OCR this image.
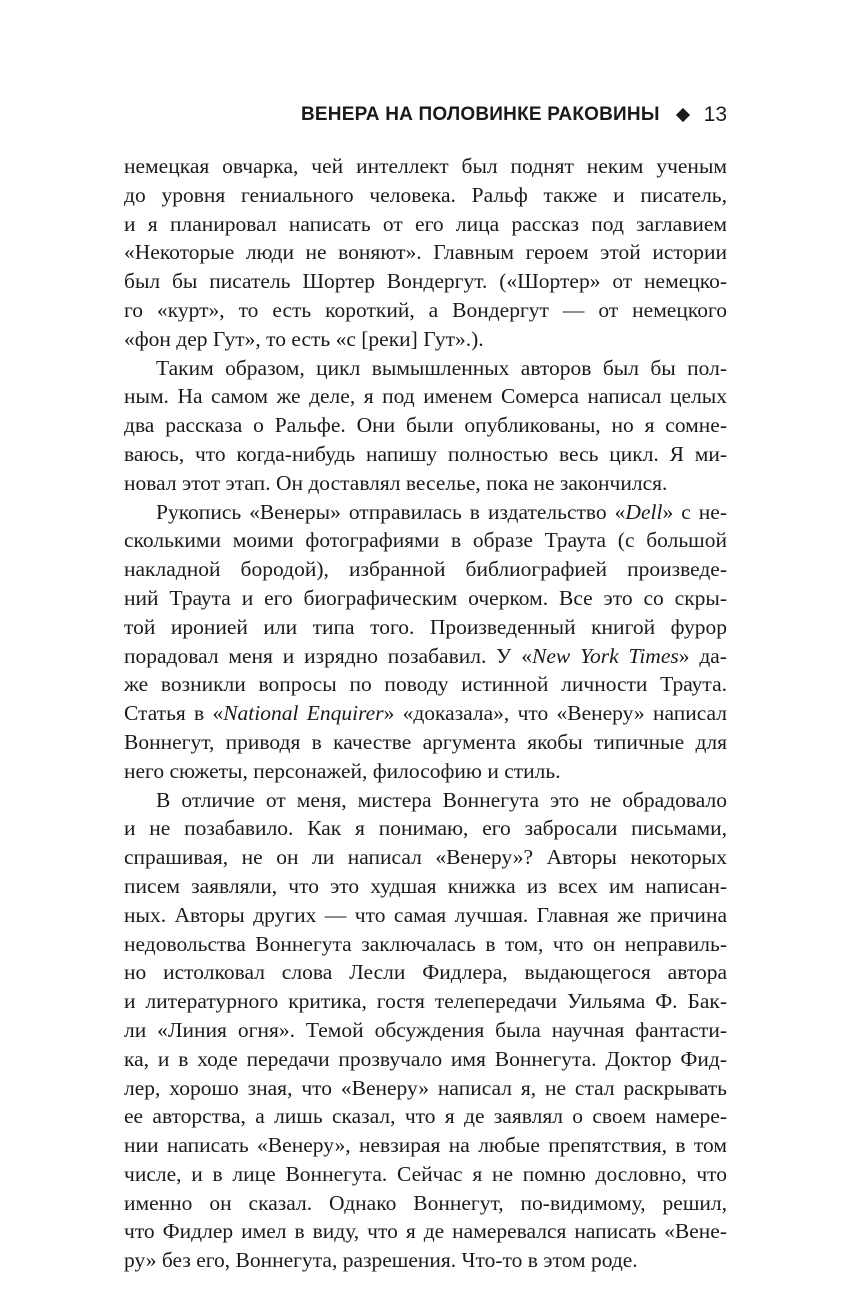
ВЕНЕРА НА ПОЛОВИНКЕ РАКОВИНЫ 13
немецкая овчарка, чей интеллект был поднят неким ученым
до уровня гениального человека. Ральф также и писатель,
и я планировал написать от его лица рассказ под заглавием
«Некоторые люди не воняют». Главным героем этой истории
был бы писатель Шортер Вондергут. («Шортер» от немецко-
го «курт», то есть короткий, а Вондергут — от немецкого
«фон дер Гут», то есть «с [реки] Гут».).
Таким образом, цикл вымышленных авторов был бы пол-
ным. На самом же деле, я под именем Сомерса написал целых
два рассказа о Ральфе. Они были опубликованы, но я сомне-
ваюсь, что когда-нибудь напишу полностью весь цикл. Я ми-
новал этот этап. Он доставлял веселье, пока не закончился.
Рукопись «Венеры» отправилась в издательство «Dell» с не-
сколькими моими фотографиями в образе Траута (с большой
накладной бородой), избранной библиографией произведе-
ний Траута и его биографическим очерком. Все это со скры-
той иронией или типа того. Произведенный книгой фурор
порадовал меня и изрядно позабавил. У «New York Times» да-
же возникли вопросы по поводу истинной личности Траута.
Статья в «National Enquirer» «доказала», что «Венеру» написал
Воннегут, приводя в качестве аргумента якобы типичные для
него сюжеты, персонажей, философию и стиль.
В отличие от меня, мистера Воннегута это не обрадовало
и не позабавило. Как я понимаю, его забросали письмами,
спрашивая, не он ли написал «Венеру»? Авторы некоторых
писем заявляли, что это худшая книжка из всех им написан-
ных. Авторы других — что самая лучшая. Главная же причина
недовольства Воннегута заключалась в том, что он неправиль-
но истолковал слова Лесли Фидлера, выдающегося автора
и литературного критика, гостя телепередачи Уильяма Ф. Бак-
ли «Линия огня». Темой обсуждения была научная фантасти-
ка, и в ходе передачи прозвучало имя Воннегута. Доктор Фид-
лер, хорошо зная, что «Венеру» написал я, не стал раскрывать
ее авторства, а лишь сказал, что я де заявлял о своем намере-
нии написать «Венеру», невзирая на любые препятствия, в том
числе, и в лице Воннегута. Сейчас я не помню дословно, что
именно он сказал. Однако Воннегут, по-видимому, решил,
что Фидлер имел в виду, что я де намеревался написать «Вене-
ру» без его, Воннегута, разрешения. Что-то в этом роде.
